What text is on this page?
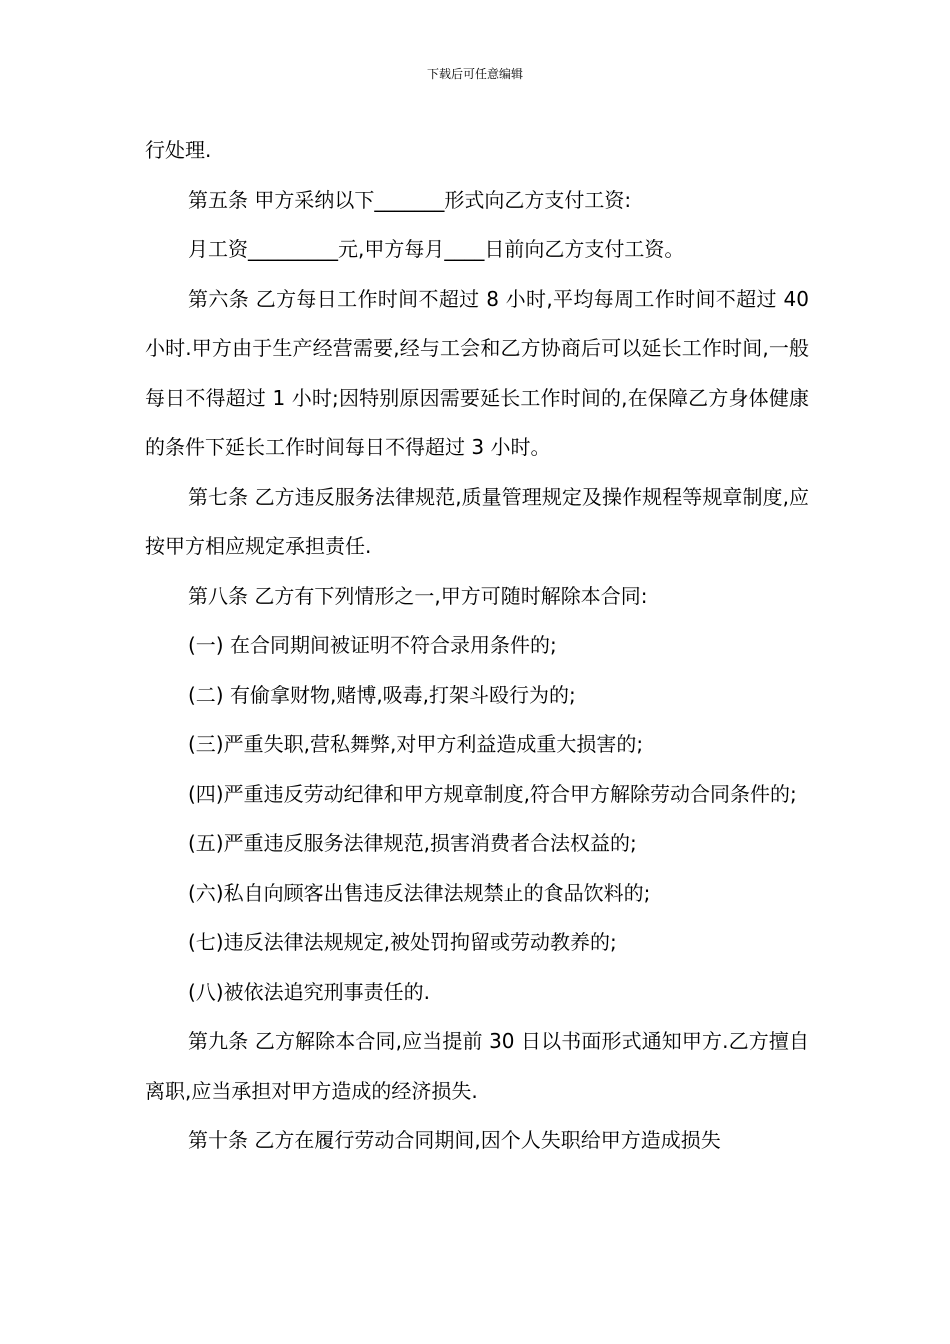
下载后可任意编辑

行处理.

第五条 甲方采纳以下_______形式向乙方支付工资:

月工资_________元,甲方每月____日前向乙方支付工资。

第六条 乙方每日工作时间不超过 8 小时,平均每周工作时间不超过 40 小时.甲方由于生产经营需要,经与工会和乙方协商后可以延长工作时间,一般每日不得超过 1 小时;因特别原因需要延长工作时间的,在保障乙方身体健康的条件下延长工作时间每日不得超过 3 小时。

第七条 乙方违反服务法律规范,质量管理规定及操作规程等规章制度,应按甲方相应规定承担责任.

第八条 乙方有下列情形之一,甲方可随时解除本合同:

(一) 在合同期间被证明不符合录用条件的;

(二) 有偷拿财物,赌博,吸毒,打架斗殴行为的;

(三)严重失职,营私舞弊,对甲方利益造成重大损害的;

(四)严重违反劳动纪律和甲方规章制度,符合甲方解除劳动合同条件的;

(五)严重违反服务法律规范,损害消费者合法权益的;

(六)私自向顾客出售违反法律法规禁止的食品饮料的;

(七)违反法律法规规定,被处罚拘留或劳动教养的;

(八)被依法追究刑事责任的.

第九条 乙方解除本合同,应当提前 30 日以书面形式通知甲方.乙方擅自离职,应当承担对甲方造成的经济损失.

第十条 乙方在履行劳动合同期间,因个人失职给甲方造成损失
